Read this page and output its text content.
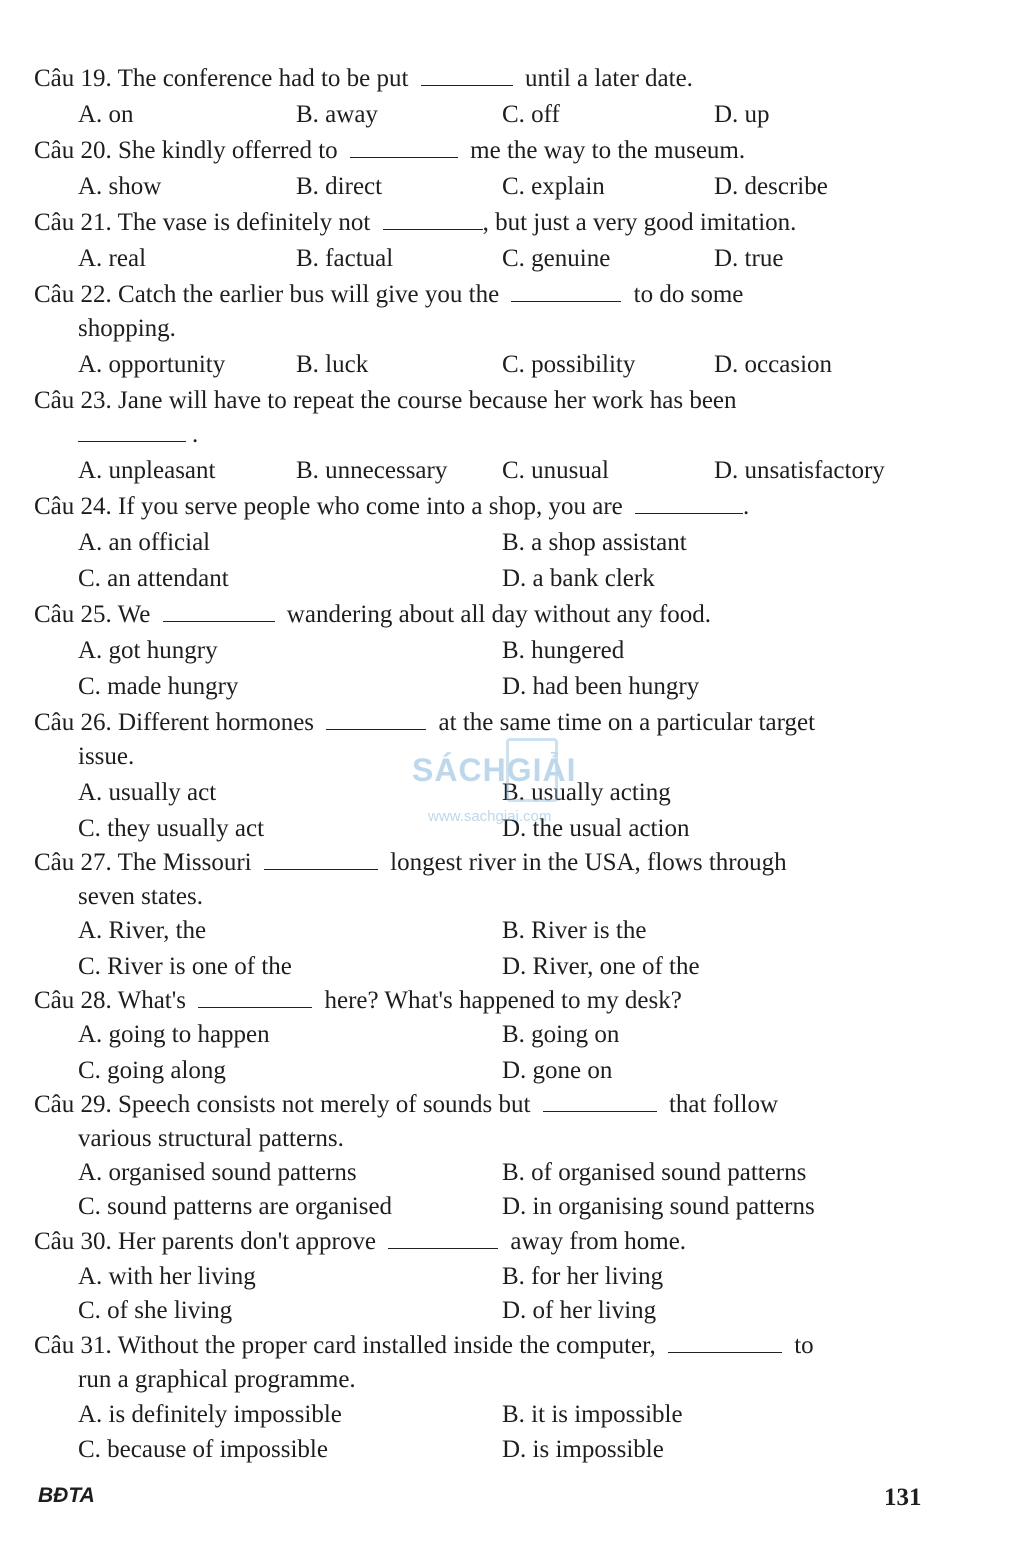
Câu 19. The conference had to be put	until a later date.
A. on	B. away	C. off	D. up
Câu 20. She kindly offerred to	me the way to the museum.
A. show	B. direct	C. explain	D. describe
Câu 21. The vase is definitely not	, but just a very good imitation.
A. real	B. factual	C. genuine	D. true
Câu 22. Catch the earlier bus will give you the	to do some
shopping.
A. opportunity	B. luck	C. possibility	D. occasion
Câu 23. Jane will have to repeat the course because her work has been
.
A. unpleasant	B. unnecessary C. unusual	D. unsatisfactory
Câu 24. If you serve people who come into a shop, you are	.
A. an official	B. a shop assistant
C. an attendant	D. a bank clerk
Câu 25. We	wandering about all day without any food.
A. got hungry	B. hungered
C. made hungry	D. had been hungry
Câu 26. Different hormones	at the same time on a particular target
issue.
A. usually act	B. usually acting
C. they usually act	D. the usual action
Câu 27. The Missouri	longest river in the USA, flows through
seven states.
A. River, the	B. River is the
C. River is one of the	D. River, one of the
Câu 28. What's	here? What's happened to my desk?
A. going to happen	B. going on
C. going along	D. gone on
Câu 29. Speech consists not merely of sounds but	that follow
various structural patterns.
A. organised sound patterns	B. of organised sound patterns
C. sound patterns are organised	D. in organising sound patterns
Câu 30. Her parents don't approve	away from home.
A. with her living	B. for her living
C. of she living	D. of her living
Câu 31. Without the proper card installed inside the computer,	to
run a graphical programme.
A. is definitely impossible	B. it is impossible
C. because of impossible	D. is impossible
SÁCHGIẢI
www.sachgiai.com
BĐTA	131
